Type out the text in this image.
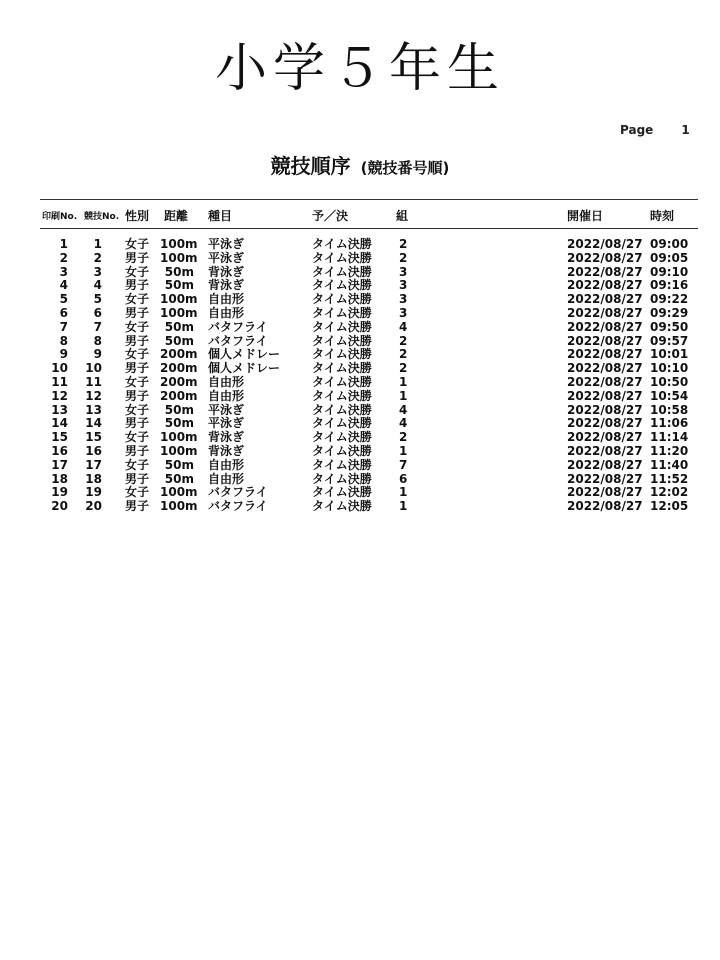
小学５年生
Page 1
競技順序 (競技番号順)
印刷No. 競技No. 性別 距離 種目	予／決	組	開催日	時刻
1	1 女子 100m 平泳ぎ	タイム決勝 2	2022/08/27 09:00
2	2 男子 100m 平泳ぎ	タイム決勝 2	2022/08/27 09:05
3	3 女子	50m 背泳ぎ	タイム決勝 3	2022/08/27 09:10
4	4 男子	50m 背泳ぎ	タイム決勝 3	2022/08/27 09:16
5	5 女子 100m 自由形	タイム決勝 3	2022/08/27 09:22
6	6 男子 100m 自由形	タイム決勝 3	2022/08/27 09:29
7	7 女子	50m バタフライ	タイム決勝 4	2022/08/27 09:50
8	8 男子	50m バタフライ	タイム決勝 2	2022/08/27 09:57
9	9 女子 200m 個人メドレー	タイム決勝 2	2022/08/27 10:01
10	10 男子 200m 個人メドレー	タイム決勝 2	2022/08/27 10:10
11	11 女子 200m 自由形	タイム決勝 1	2022/08/27 10:50
12	12 男子 200m 自由形	タイム決勝 1	2022/08/27 10:54
13	13 女子	50m 平泳ぎ	タイム決勝 4	2022/08/27 10:58
14	14 男子	50m 平泳ぎ	タイム決勝 4	2022/08/27 11:06
15	15 女子 100m 背泳ぎ	タイム決勝 2	2022/08/27 11:14
16	16 男子 100m 背泳ぎ	タイム決勝 1	2022/08/27 11:20
17	17 女子	50m 自由形	タイム決勝 7	2022/08/27 11:40
18	18 男子	50m 自由形	タイム決勝 6	2022/08/27 11:52
19	19 女子 100m バタフライ	タイム決勝 1	2022/08/27 12:02
20	20 男子 100m バタフライ	タイム決勝 1	2022/08/27 12:05
